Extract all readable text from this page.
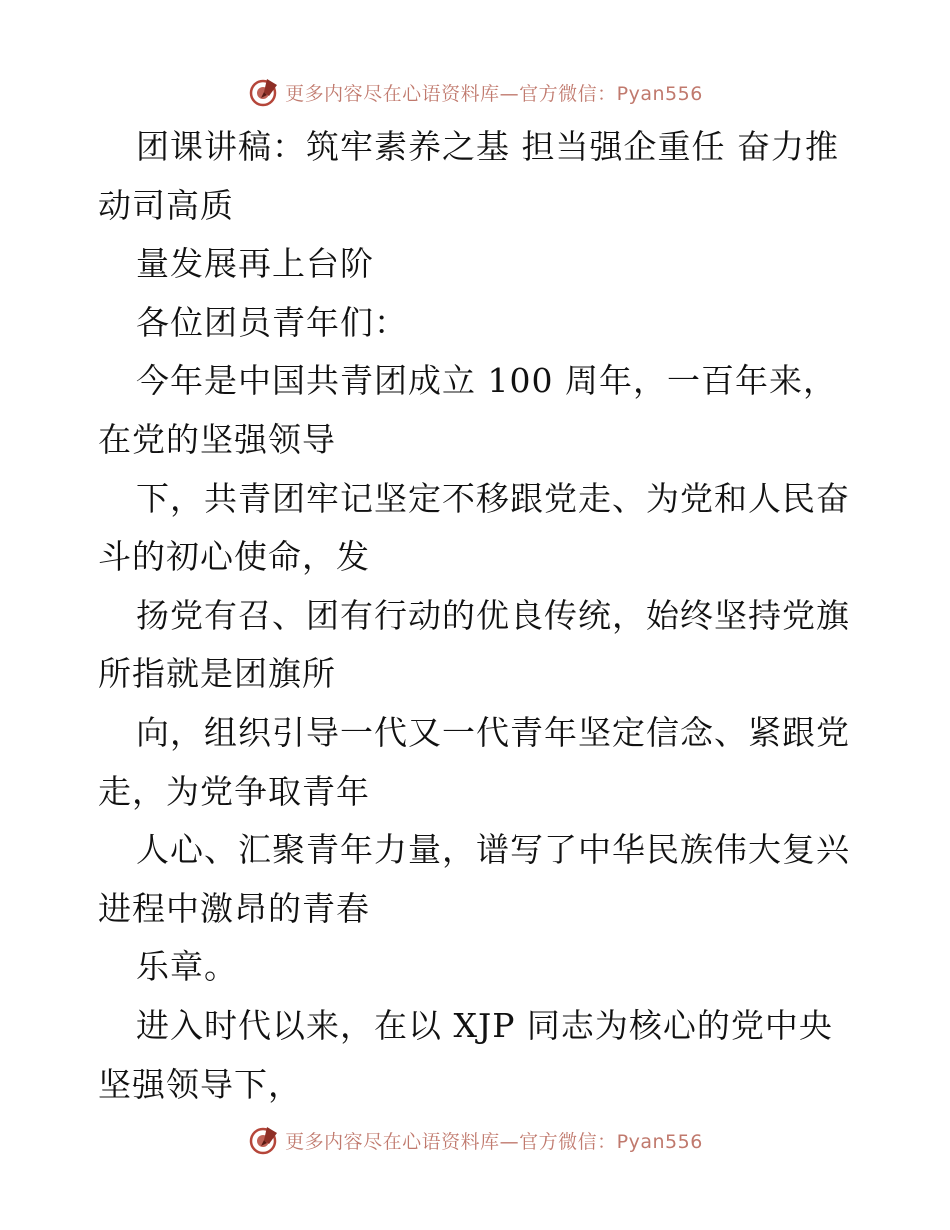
更多内容尽在心语资料库—官方微信：Pyan556
团课讲稿：筑牢素养之基 担当强企重任 奋力推
动司高质
量发展再上台阶
各位团员青年们：
今年是中国共青团成立 100 周年，一百年来，
在党的坚强领导
下，共青团牢记坚定不移跟党走、为党和人民奋
斗的初心使命，发
扬党有召、团有行动的优良传统，始终坚持党旗
所指就是团旗所
向，组织引导一代又一代青年坚定信念、紧跟党
走，为党争取青年
人心、汇聚青年力量，谱写了中华民族伟大复兴
进程中激昂的青春
乐章。
进入时代以来，在以 XJP 同志为核心的党中央
坚强领导下，
更多内容尽在心语资料库—官方微信：Pyan556
